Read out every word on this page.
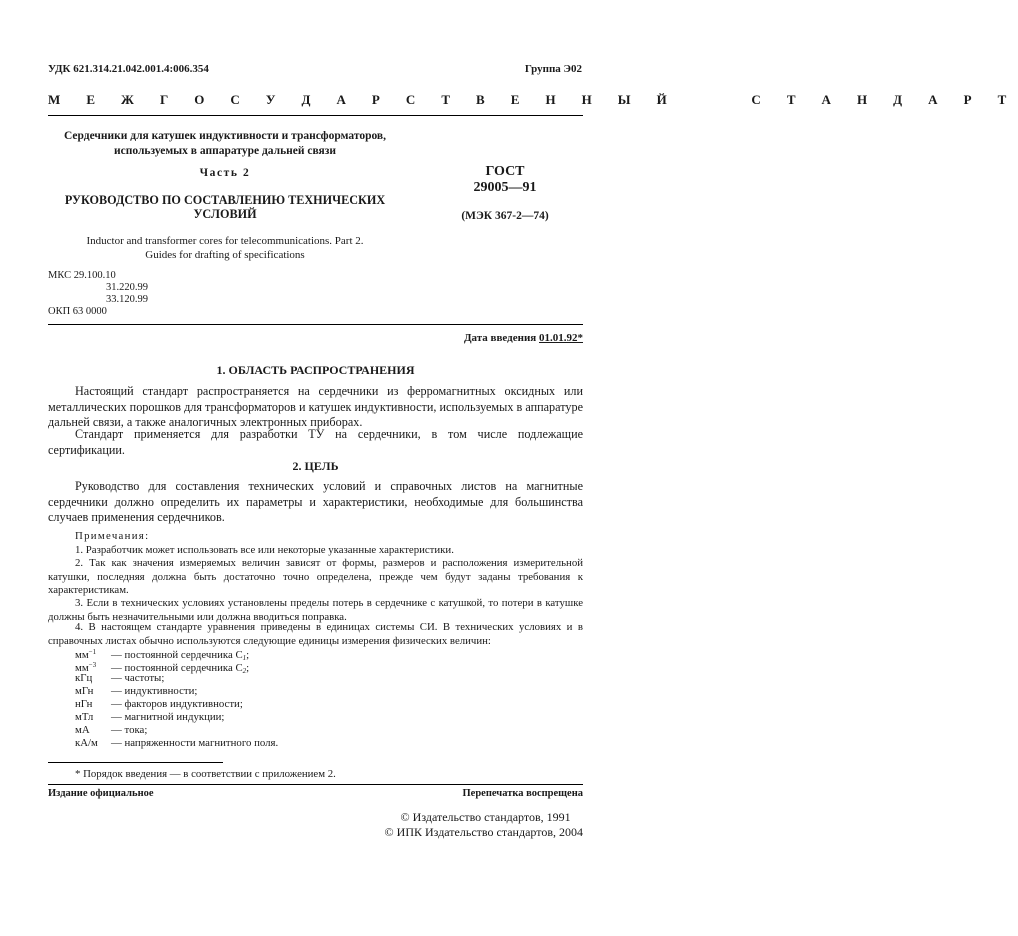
УДК 621.314.21.042.001.4:006.354	Группа Э02
М Е Ж Г О С У Д А Р С Т В Е Н Н Ы Й     С Т А Н Д А Р Т
Сердечники для катушек индуктивности и трансформаторов,
используемых в аппаратуре дальней связи
Часть 2
РУКОВОДСТВО ПО СОСТАВЛЕНИЮ ТЕХНИЧЕСКИХ
УСЛОВИЙ
Inductor and transformer cores for telecommunications. Part 2.
Guides for drafting of specifications
ГОСТ
29005—91
(МЭК 367-2—74)
МКС 29.100.10
31.220.99
33.120.99
ОКП 63 0000
Дата введения 01.01.92*
1. ОБЛАСТЬ РАСПРОСТРАНЕНИЯ

Настоящий стандарт распространяется на сердечники из ферромагнитных оксидных или металлических порошков для трансформаторов и катушек индуктивности, используемых в аппаратуре дальней связи, а также аналогичных электронных приборах.

Стандарт применяется для разработки ТУ на сердечники, в том числе подлежащие сертификации.

2. ЦЕЛЬ

Руководство для составления технических условий и справочных листов на магнитные сердечники должно определить их параметры и характеристики, необходимые для большинства случаев применения сердечников.

Примечания:

1. Разработчик может использовать все или некоторые указанные характеристики.

2. Так как значения измеряемых величин зависят от формы, размеров и расположения измерительной катушки, последняя должна быть достаточно точно определена, прежде чем будут заданы требования к характеристикам.

3. Если в технических условиях установлены пределы потерь в сердечнике с катушкой, то потери в катушке должны быть незначительными или должна вводиться поправка.

4. В настоящем стандарте уравнения приведены в единицах системы СИ. В технических условиях и в справочных листах обычно используются следующие единицы измерения физических величин:

$мм^{-1}$ — постоянной сердечника $C_1$;
$мм^{-3}$ — постоянной сердечника $C_2$;
кГц — частоты;
мГн — индуктивности;
нГн — факторов индуктивности;
мТл — магнитной индукции;
мА — тока;
кА/м — напряженности магнитного поля.
* Порядок введения — в соответствии с приложением 2.
Издание официальное	Перепечатка воспрещена
© Издательство стандартов, 1991
© ИПК Издательство стандартов, 2004
